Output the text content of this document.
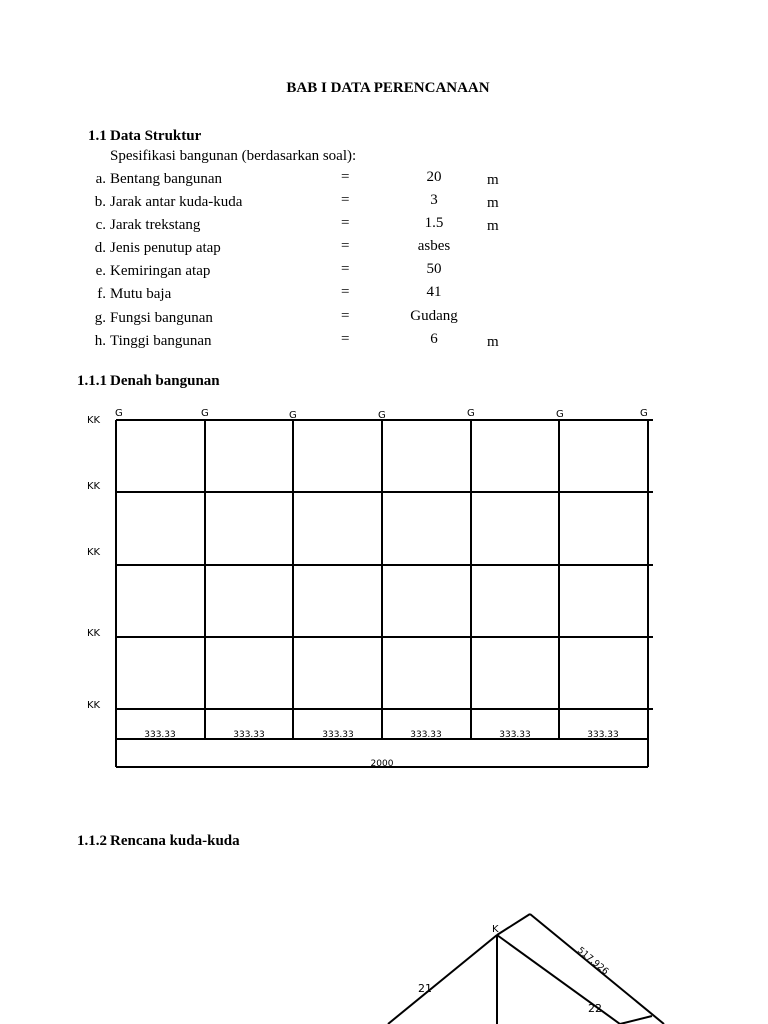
BAB I DATA PERENCANAAN
1.1 Data Struktur
Spesifikasi bangunan (berdasarkan soal):
a. Bentang bangunan	=	20	m
b. Jarak antar kuda-kuda	=	3	m
c. Jarak trekstang	=	1.5	m
d. Jenis penutup atap	=	asbes
e. Kemiringan atap	=	50
f. Mutu baja	=	41
g. Fungsi bangunan	=	Gudang
h. Tinggi bangunan	=	6	m
1.1.1 Denah bangunan
KK
KK
KK
KK
KK
G	G	G	G	G	G	G
333.33	333.33	333.33	333.33	333.33	333.33
2000
1.1.2 Rencana kuda-kuda
K
21
22
517.926
